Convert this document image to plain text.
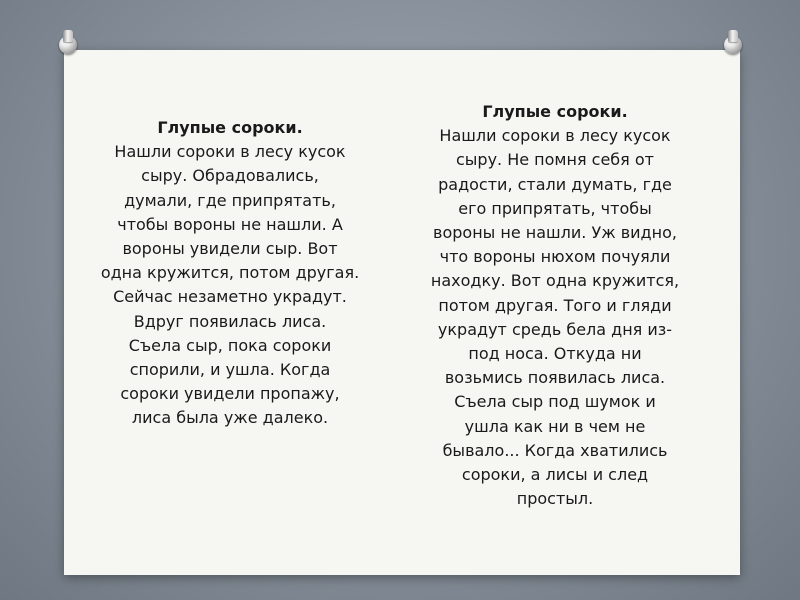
Глупые сороки.
Нашли сороки в лесу кусок
сыру. Обрадовались,
думали, где припрятать,
чтобы вороны не нашли. А
вороны увидели сыр. Вот
одна кружится, потом другая.
Сейчас незаметно украдут.
Вдруг появилась лиса.
Съела сыр, пока сороки
спорили, и ушла. Когда
сороки увидели пропажу,
лиса была уже далеко.
Глупые сороки.
Нашли сороки в лесу кусок
сыру. Не помня себя от
радости, стали думать, где
его припрятать, чтобы
вороны не нашли. Уж видно,
что вороны нюхом почуяли
находку. Вот одна кружится,
потом другая. Того и гляди
украдут средь бела дня из-
под носа. Откуда ни
возьмись появилась лиса.
Съела сыр под шумок и
ушла как ни в чем не
бывало... Когда хватились
сороки, а лисы и след
простыл.
